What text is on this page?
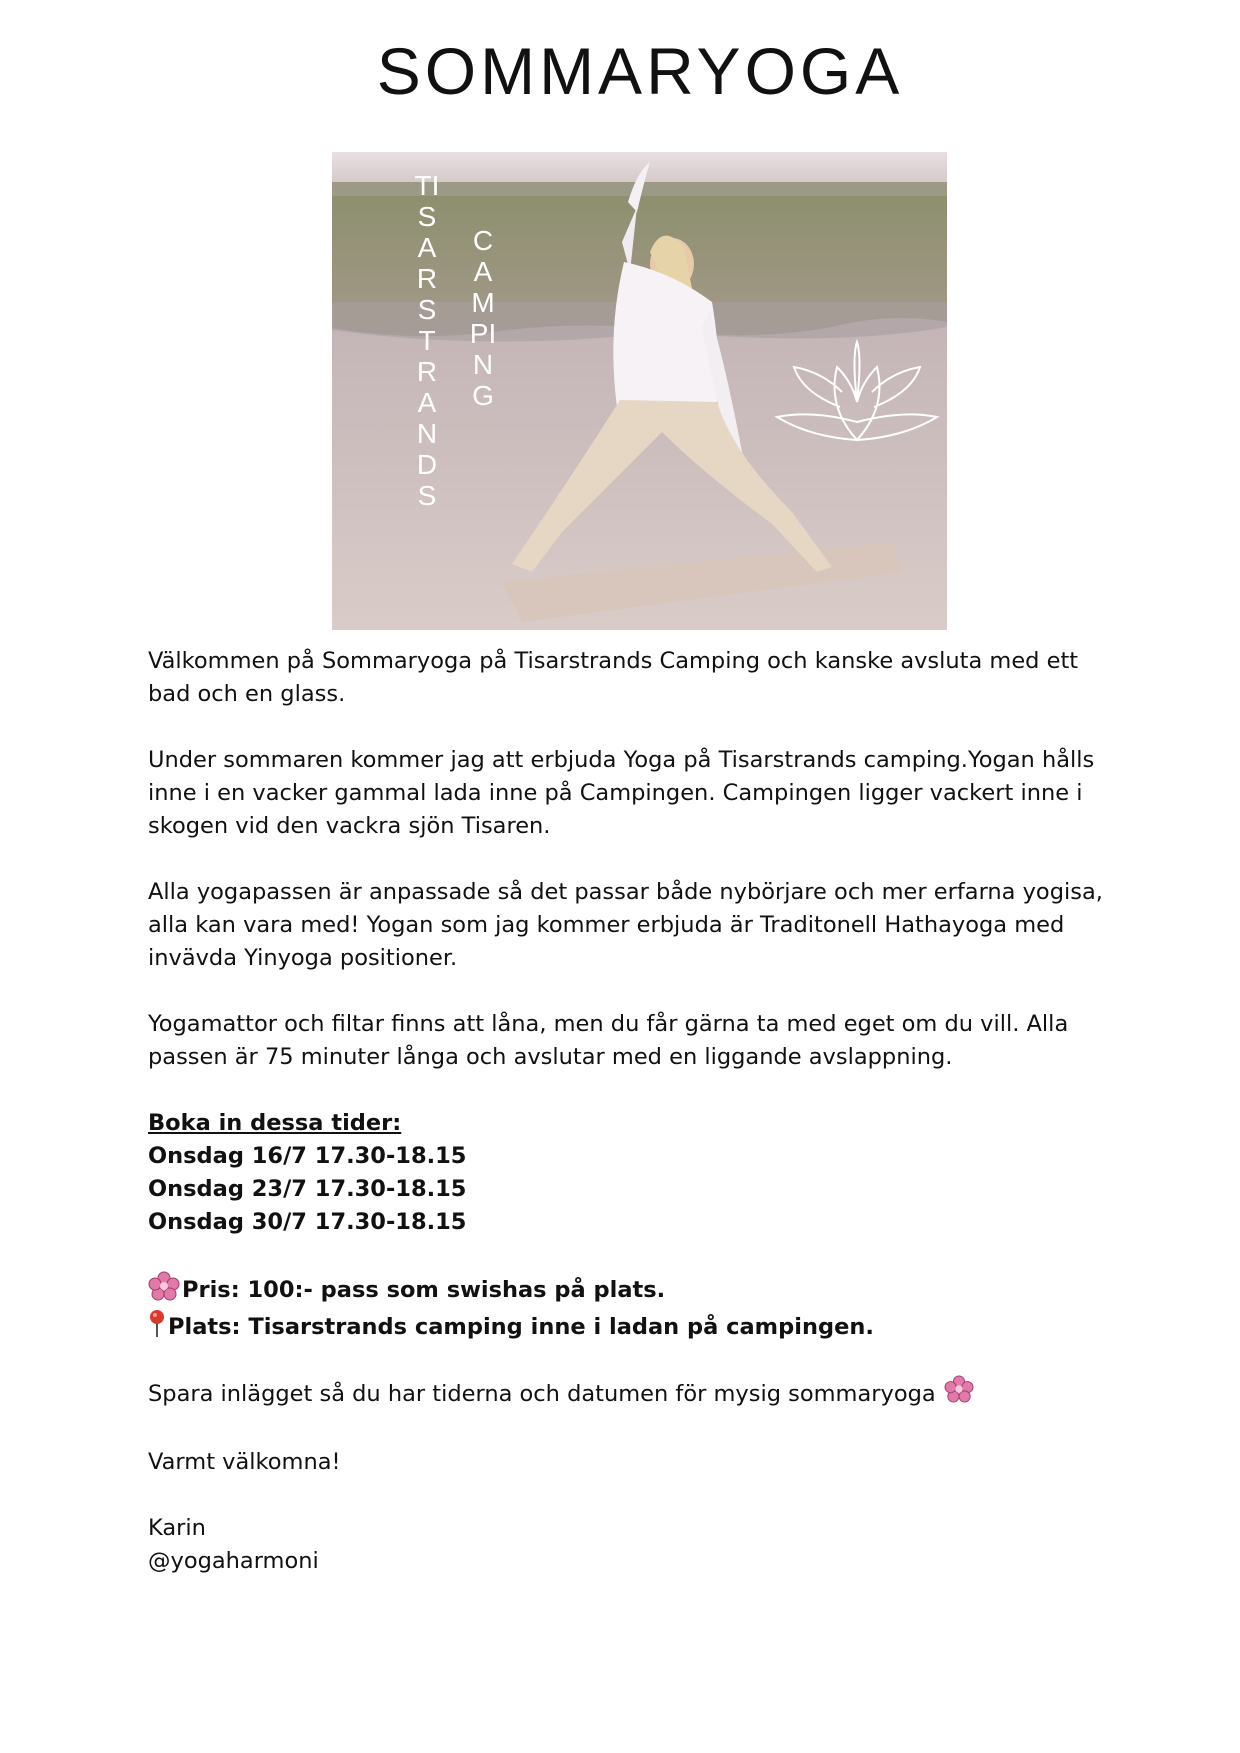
SOMMARYOGA
TISARSTRANDS
CAMPING

Välkommen på Sommaryoga på Tisarstrands Camping och kanske avsluta med ett bad och en glass.

Under sommaren kommer jag att erbjuda Yoga på Tisarstrands camping.Yogan hålls inne i en vacker gammal lada inne på Campingen. Campingen ligger vackert inne i skogen vid den vackra sjön Tisaren.

Alla yogapassen är anpassade så det passar både nybörjare och mer erfarna yogisa, alla kan vara med! Yogan som jag kommer erbjuda är Traditonell Hathayoga med invävda Yinyoga positioner.

Yogamattor och filtar finns att låna, men du får gärna ta med eget om du vill. Alla passen är 75 minuter långa och avslutar med en liggande avslappning.

Boka in dessa tider:

Onsdag 16/7 17.30-18.15

Onsdag 23/7 17.30-18.15

Onsdag 30/7 17.30-18.15

Pris: 100:- pass som swishas på plats.
Plats: Tisarstrands camping inne i ladan på campingen.

Spara inlägget så du har tiderna och datumen för mysig sommaryoga

Varmt välkomna!

Karin

@yogaharmoni
